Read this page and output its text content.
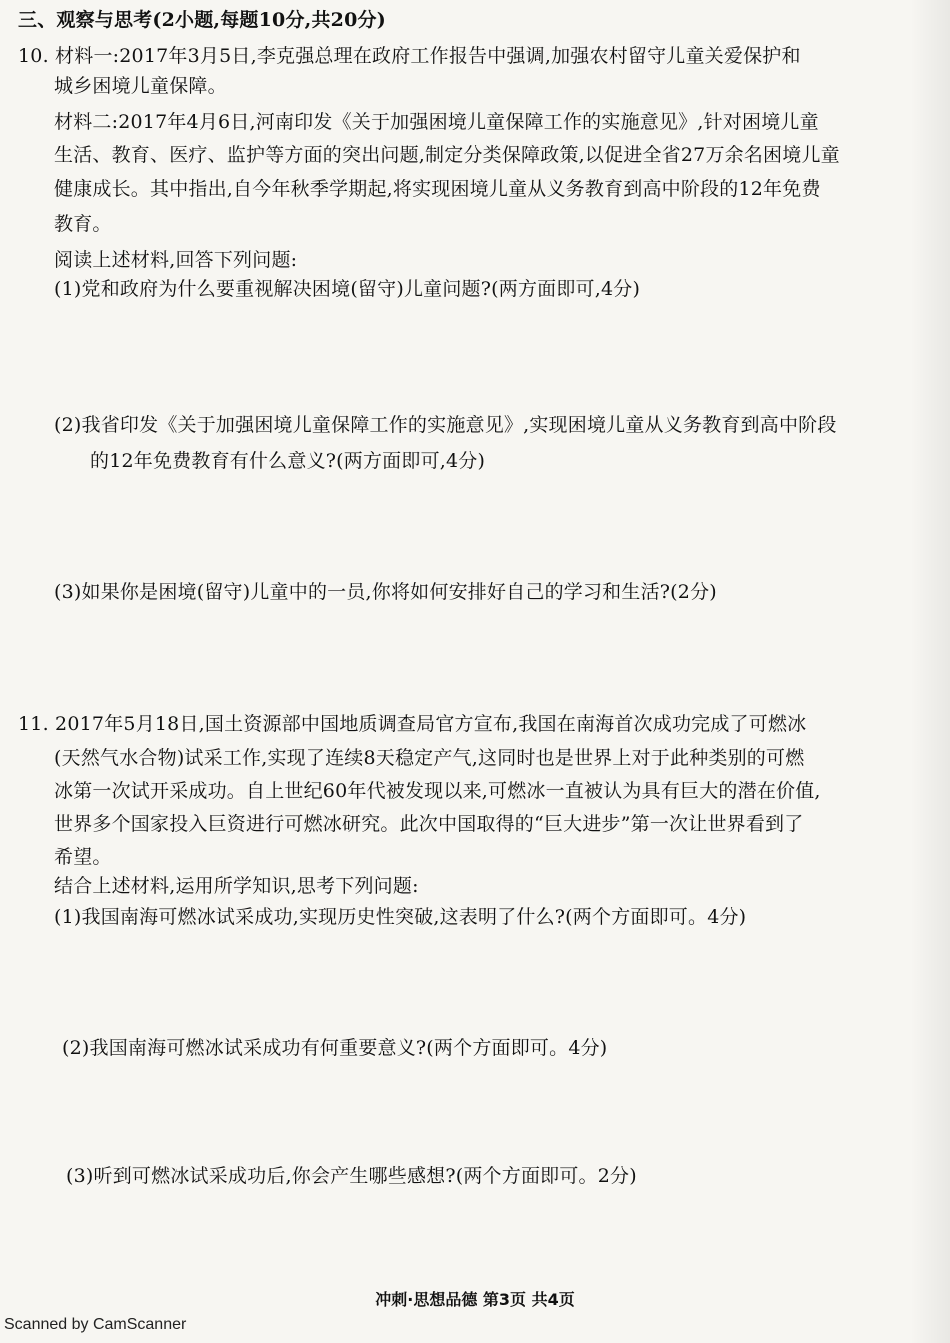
三、观察与思考(2小题,每题10分,共20分)
10. 材料一:2017年3月5日,李克强总理在政府工作报告中强调,加强农村留守儿童关爱保护和
城乡困境儿童保障。
材料二:2017年4月6日,河南印发《关于加强困境儿童保障工作的实施意见》,针对困境儿童
生活、教育、医疗、监护等方面的突出问题,制定分类保障政策,以促进全省27万余名困境儿童
健康成长。其中指出,自今年秋季学期起,将实现困境儿童从义务教育到高中阶段的12年免费
教育。
阅读上述材料,回答下列问题:
(1)党和政府为什么要重视解决困境(留守)儿童问题?(两方面即可,4分)
(2)我省印发《关于加强困境儿童保障工作的实施意见》,实现困境儿童从义务教育到高中阶段
的12年免费教育有什么意义?(两方面即可,4分)
(3)如果你是困境(留守)儿童中的一员,你将如何安排好自己的学习和生活?(2分)
11. 2017年5月18日,国土资源部中国地质调查局官方宣布,我国在南海首次成功完成了可燃冰
(天然气水合物)试采工作,实现了连续8天稳定产气,这同时也是世界上对于此种类别的可燃
冰第一次试开采成功。自上世纪60年代被发现以来,可燃冰一直被认为具有巨大的潜在价值,
世界多个国家投入巨资进行可燃冰研究。此次中国取得的“巨大进步”第一次让世界看到了
希望。
结合上述材料,运用所学知识,思考下列问题:
(1)我国南海可燃冰试采成功,实现历史性突破,这表明了什么?(两个方面即可。4分)
(2)我国南海可燃冰试采成功有何重要意义?(两个方面即可。4分)
(3)听到可燃冰试采成功后,你会产生哪些感想?(两个方面即可。2分)
冲刺·思想品德 第3页 共4页
Scanned by CamScanner
